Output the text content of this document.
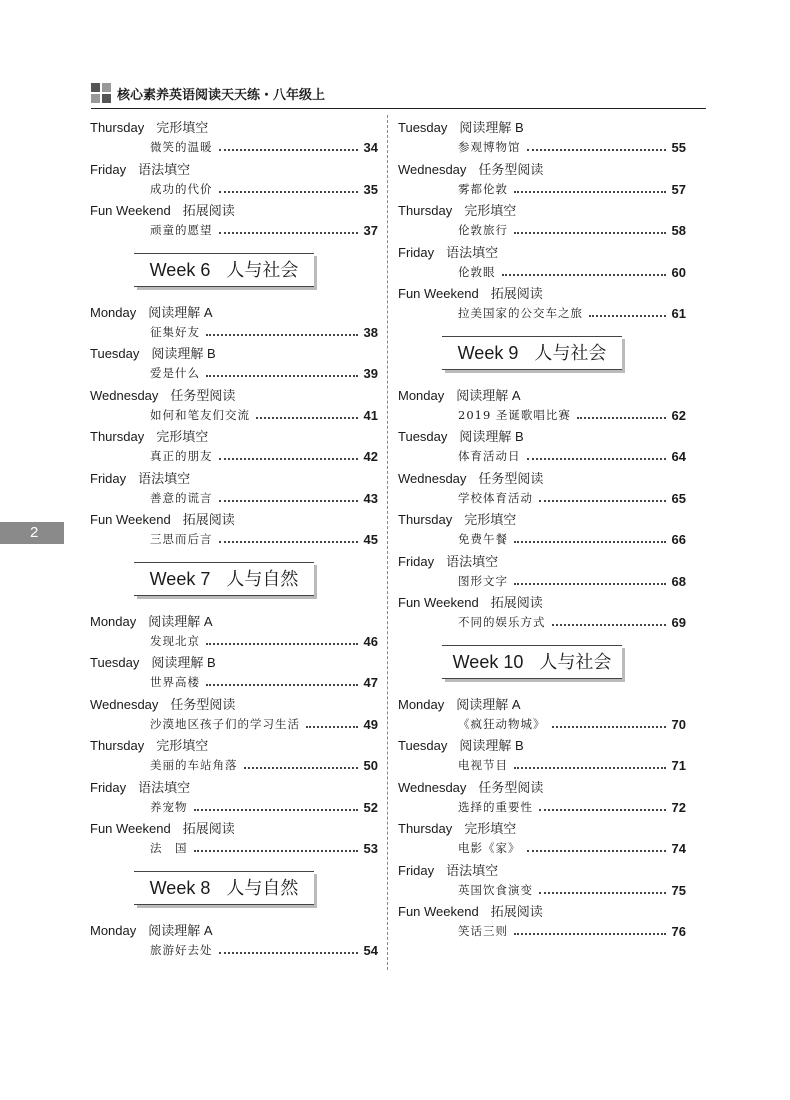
核心素养英语阅读天天练・八年级上
2
Thursday 完形填空
微笑的温暖	34
Friday 语法填空
成功的代价	35
Fun Weekend 拓展阅读
顽童的愿望	37
Week 6 人与社会
Monday 阅读理解 A
征集好友	38
Tuesday 阅读理解 B
爱是什么	39
Wednesday 任务型阅读
如何和笔友们交流	41
Thursday 完形填空
真正的朋友	42
Friday 语法填空
善意的谎言	43
Fun Weekend 拓展阅读
三思而后言	45
Week 7 人与自然
Monday 阅读理解 A
发现北京	46
Tuesday 阅读理解 B
世界高楼	47
Wednesday 任务型阅读
沙漠地区孩子们的学习生活	49
Thursday 完形填空
美丽的车站角落	50
Friday 语法填空
养宠物	52
Fun Weekend 拓展阅读
法　国	53
Week 8 人与自然
Monday 阅读理解 A
旅游好去处	54
Tuesday 阅读理解 B
参观博物馆	55
Wednesday 任务型阅读
雾都伦敦	57
Thursday 完形填空
伦敦旅行	58
Friday 语法填空
伦敦眼	60
Fun Weekend 拓展阅读
拉美国家的公交车之旅	61
Week 9 人与社会
Monday 阅读理解 A
2019 圣诞歌唱比赛	62
Tuesday 阅读理解 B
体育活动日	64
Wednesday 任务型阅读
学校体育活动	65
Thursday 完形填空
免费午餐	66
Friday 语法填空
图形文字	68
Fun Weekend 拓展阅读
不同的娱乐方式	69
Week 10 人与社会
Monday 阅读理解 A
《疯狂动物城》	70
Tuesday 阅读理解 B
电视节目	71
Wednesday 任务型阅读
选择的重要性	72
Thursday 完形填空
电影《家》	74
Friday 语法填空
英国饮食演变	75
Fun Weekend 拓展阅读
笑话三则	76
